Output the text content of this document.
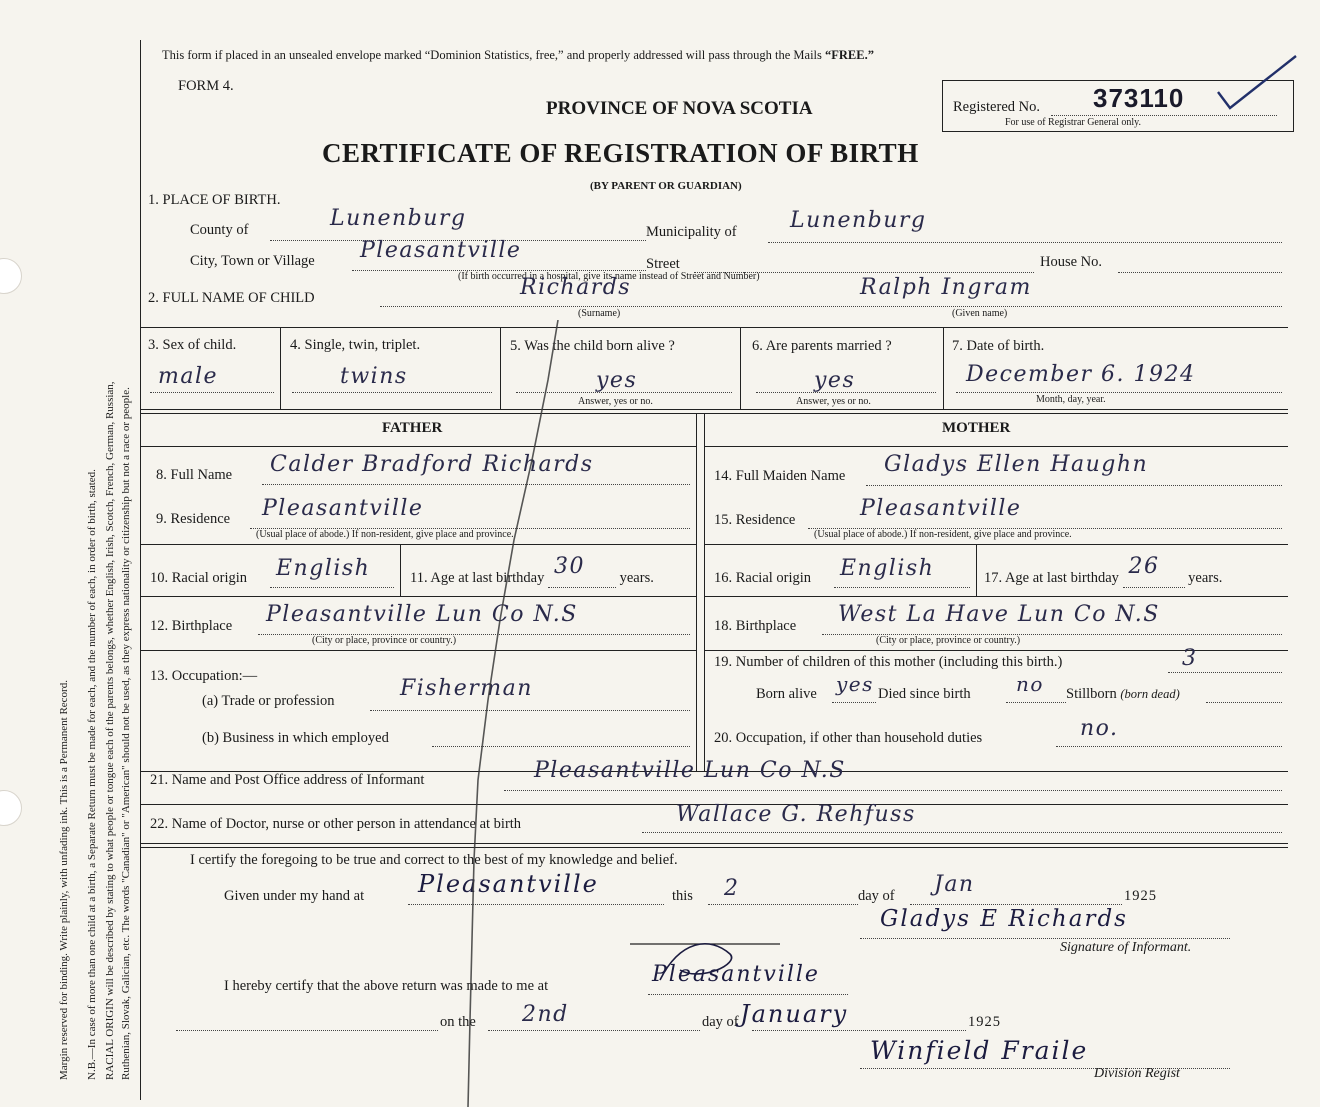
Margin reserved for binding. Write plainly, with unfading ink. This is a Permanent Record. N.B.—In case of more than one child at a birth, a Separate Return must be made for each, and the number of each, in order of birth, stated. RACIAL ORIGIN will be described by stating to what people or tongue each of the parents belongs, whether English, Irish, Scotch, French, German, Russian, Ruthenian, Slovak, Galician, etc. The words "Canadian" or "American" should not be used, as they express nationality or citizenship but not a race or people.
This form if placed in an unsealed envelope marked “Dominion Statistics, free,” and properly addressed will pass through the Mails “FREE.”
FORM 4.
PROVINCE OF NOVA SCOTIA
CERTIFICATE OF REGISTRATION OF BIRTH
(BY PARENT OR GUARDIAN)
Registered No. 373110
For use of Registrar General only.
1. PLACE OF BIRTH.
County of	Lunenburg
Municipality of Lunenburg
City, Town or Village Pleasantville
Street	House No.
(If birth occurred in a hospital, give its name instead of Street and Number)
2. FULL NAME OF CHILD	Richards
(Surname)
Ralph Ingram
(Given name)
3. Sex of child.
male
4. Single, twin, triplet.
twins
5. Was the child born alive ?
yes
Answer, yes or no.
6. Are parents married ?
yes
Answer, yes or no.
7. Date of birth.
December 6. 1924
Month, day, year.
FATHER	MOTHER
8. Full Name Calder Bradford Richards
9. Residence Pleasantville
(Usual place of abode.) If non-resident, give place and province.
10. Racial origin English	11. Age at last birthday 30 years.
12. Birthplace Pleasantville Lun Co N.S
(City or place, province or country.)
13. Occupation:—
(a) Trade or profession	Fisherman
(b) Business in which employed
14. Full Maiden Name Gladys Ellen Haughn
15. Residence	Pleasantville
(Usual place of abode.) If non-resident, give place and province.
16. Racial origin English	17. Age at last birthday 26 years.
18. Birthplace West La Have Lun Co N.S
(City or place, province or country.)
19. Number of children of this mother (including this birth.)	3
Born alive yes Died since birth no Stillborn (born dead)
20. Occupation, if other than household duties	no.
21. Name and Post Office address of Informant	Pleasantville Lun Co N.S
22. Name of Doctor, nurse or other person in attendance at birth	Wallace G. Rehfuss
I certify the foregoing to be true and correct to the best of my knowledge and belief.
Given under my hand at Pleasantville	this 2	day of Jan	1925
Gladys E Richards
Signature of Informant.
I hereby certify that the above return was made to me at	Pleasantville
on the 2nd	day of January	1925
Winfield Fraile
Division Regist
